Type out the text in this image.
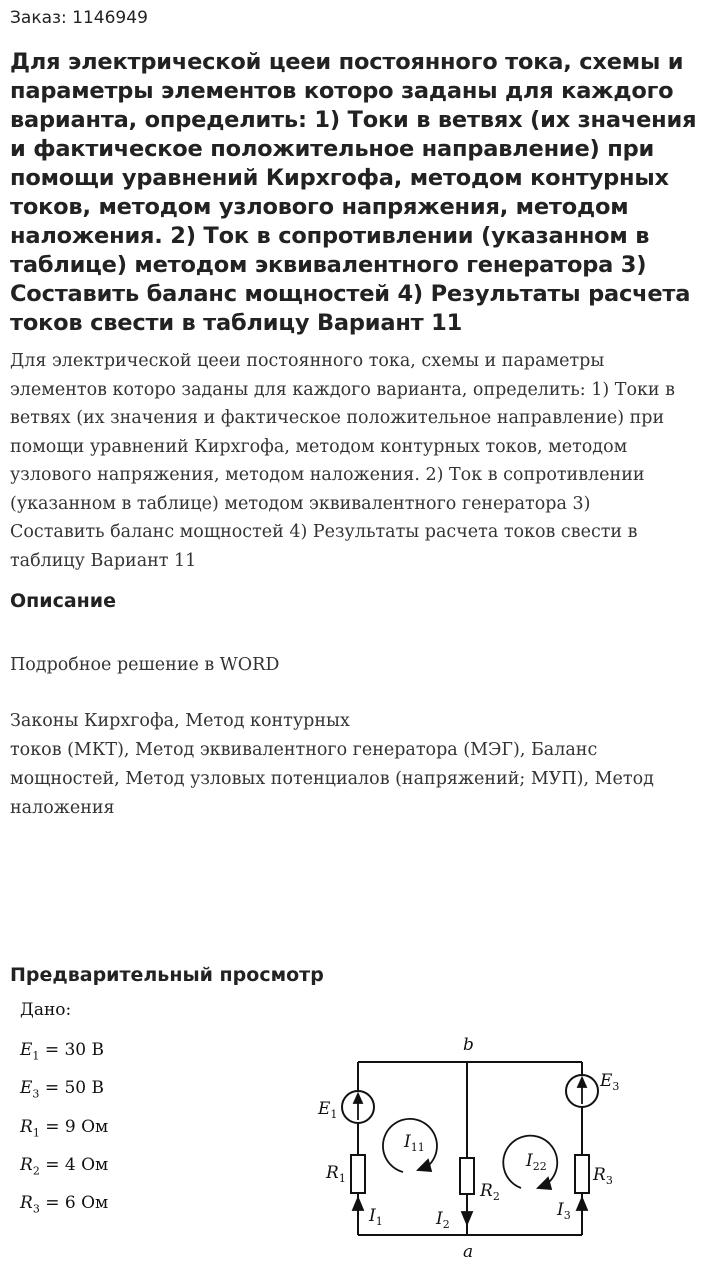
Заказ: 1146949
Для электрической цееи постоянного тока, схемы и параметры элементов которо заданы для каждого варианта, определить: 1) Токи в ветвях (их значения и фактическое положительное направление) при помощи уравнений Кирхгофа, методом контурных токов, методом узлового напряжения, методом наложения. 2) Ток в сопротивлении (указанном в таблице) методом эквивалентного генератора 3) Составить баланс мощностей 4) Результаты расчета токов свести в таблицу Вариант 11

Для электрической цееи постоянного тока, схемы и параметры элементов которо заданы для каждого варианта, определить: 1) Токи в ветвях (их значения и фактическое положительное направление) при помощи уравнений Кирхгофа, методом контурных токов, методом узлового напряжения, методом наложения. 2) Ток в сопротивлении (указанном в таблице) методом эквивалентного генератора 3) Составить баланс мощностей 4) Результаты расчета токов свести в таблицу Вариант 11

Описание

Подробное решение в WORD

Законы Кирхгофа, Метод контурных
токов (МКТ), Метод эквивалентного генератора (МЭГ), Баланс мощностей, Метод узловых потенциалов (напряжений; МУП), Метод наложения

Предварительный просмотр
Дано:
$E_1 = 30$ В
$E_3 = 50$ В
$R_1 = 9$ Ом
$R_2 = 4$ Ом
$R_3 = 6$ Ом
b
a
$E_1$
$E_3$
$R_1$
$R_2$
$R_3$
$I_1$	$I_2$
$I_3$
$I_{11}$
$I_{22}$
